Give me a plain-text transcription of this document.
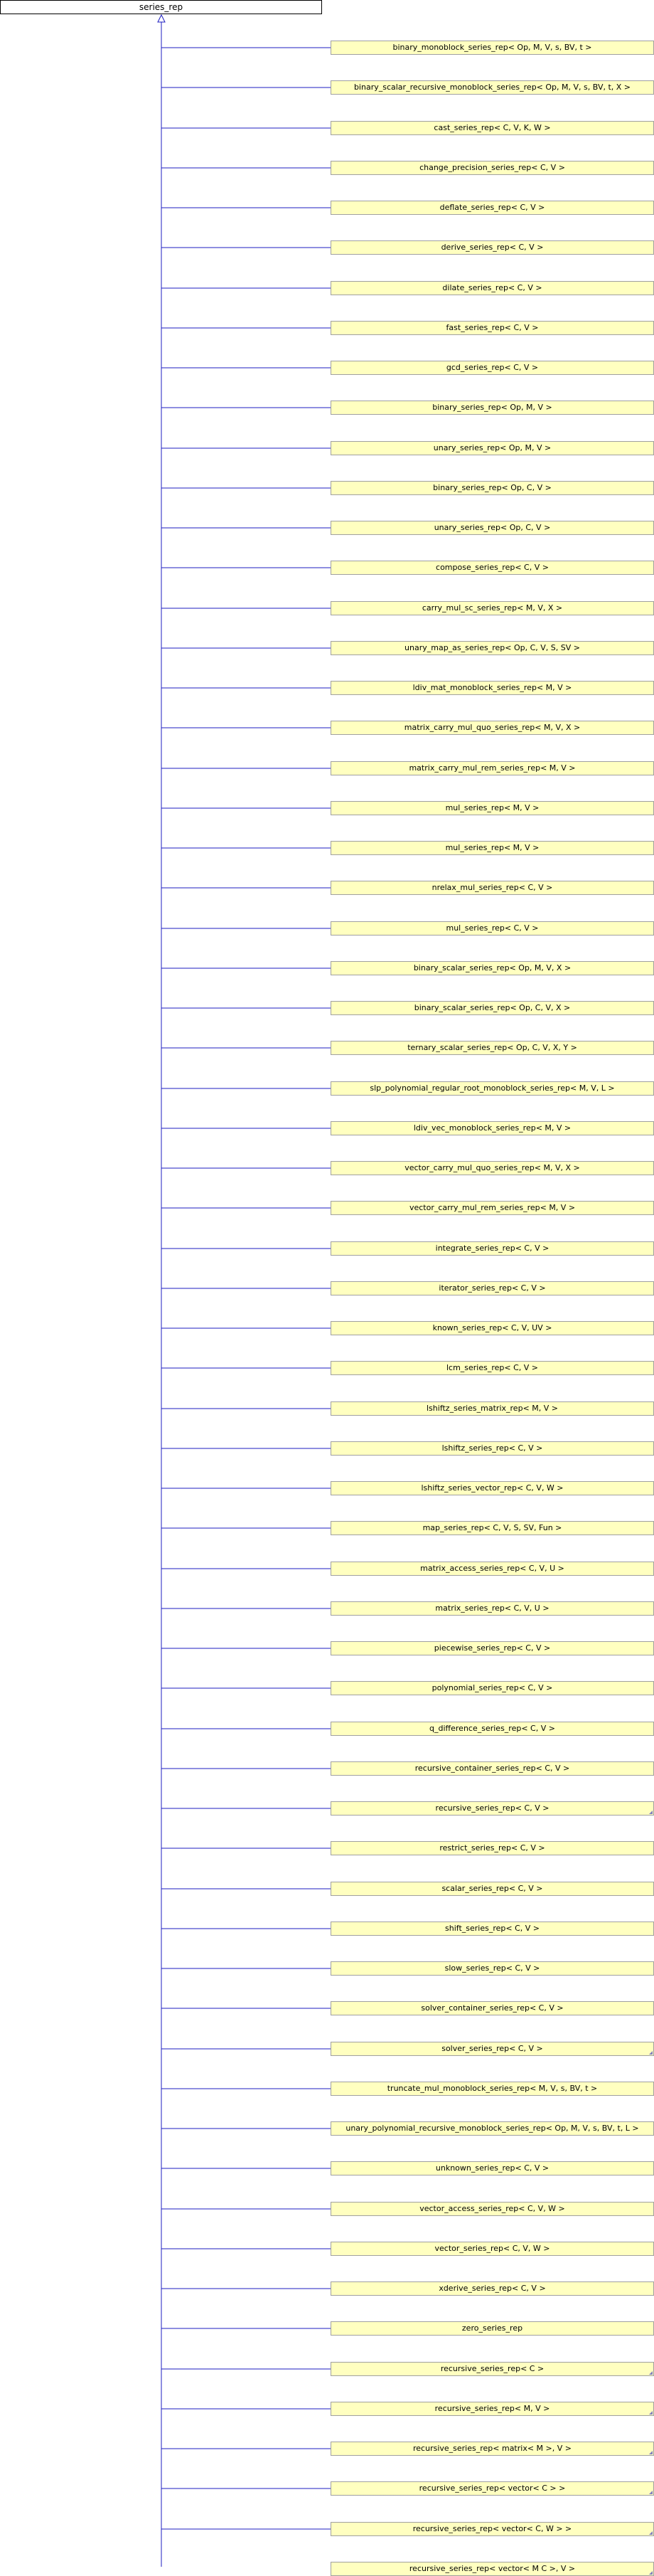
series_rep
binary_monoblock_series_rep< Op, M, V, s, BV, t >
binary_scalar_recursive_monoblock_series_rep< Op, M, V, s, BV, t, X >
cast_series_rep< C, V, K, W >
change_precision_series_rep< C, V >
deflate_series_rep< C, V >
derive_series_rep< C, V >
dilate_series_rep< C, V >
fast_series_rep< C, V >
gcd_series_rep< C, V >
binary_series_rep< Op, M, V >
unary_series_rep< Op, M, V >
binary_series_rep< Op, C, V >
unary_series_rep< Op, C, V >
compose_series_rep< C, V >
carry_mul_sc_series_rep< M, V, X >
unary_map_as_series_rep< Op, C, V, S, SV >
ldiv_mat_monoblock_series_rep< M, V >
matrix_carry_mul_quo_series_rep< M, V, X >
matrix_carry_mul_rem_series_rep< M, V >
mul_series_rep< M, V >
mul_series_rep< M, V >
nrelax_mul_series_rep< C, V >
mul_series_rep< C, V >
binary_scalar_series_rep< Op, M, V, X >
binary_scalar_series_rep< Op, C, V, X >
ternary_scalar_series_rep< Op, C, V, X, Y >
slp_polynomial_regular_root_monoblock_series_rep< M, V, L >
ldiv_vec_monoblock_series_rep< M, V >
vector_carry_mul_quo_series_rep< M, V, X >
vector_carry_mul_rem_series_rep< M, V >
integrate_series_rep< C, V >
iterator_series_rep< C, V >
known_series_rep< C, V, UV >
lcm_series_rep< C, V >
lshiftz_series_matrix_rep< M, V >
lshiftz_series_rep< C, V >
lshiftz_series_vector_rep< C, V, W >
map_series_rep< C, V, S, SV, Fun >
matrix_access_series_rep< C, V, U >
matrix_series_rep< C, V, U >
piecewise_series_rep< C, V >
polynomial_series_rep< C, V >
q_difference_series_rep< C, V >
recursive_container_series_rep< C, V >
recursive_series_rep< C, V >
restrict_series_rep< C, V >
scalar_series_rep< C, V >
shift_series_rep< C, V >
slow_series_rep< C, V >
solver_container_series_rep< C, V >
solver_series_rep< C, V >
truncate_mul_monoblock_series_rep< M, V, s, BV, t >
unary_polynomial_recursive_monoblock_series_rep< Op, M, V, s, BV, t, L >
unknown_series_rep< C, V >
vector_access_series_rep< C, V, W >
vector_series_rep< C, V, W >
xderive_series_rep< C, V >
zero_series_rep
recursive_series_rep< C >
recursive_series_rep< M, V >
recursive_series_rep< matrix< M >, V >
recursive_series_rep< vector< C > >
recursive_series_rep< vector< C, W > >
recursive_series_rep< vector< M C >, V >
